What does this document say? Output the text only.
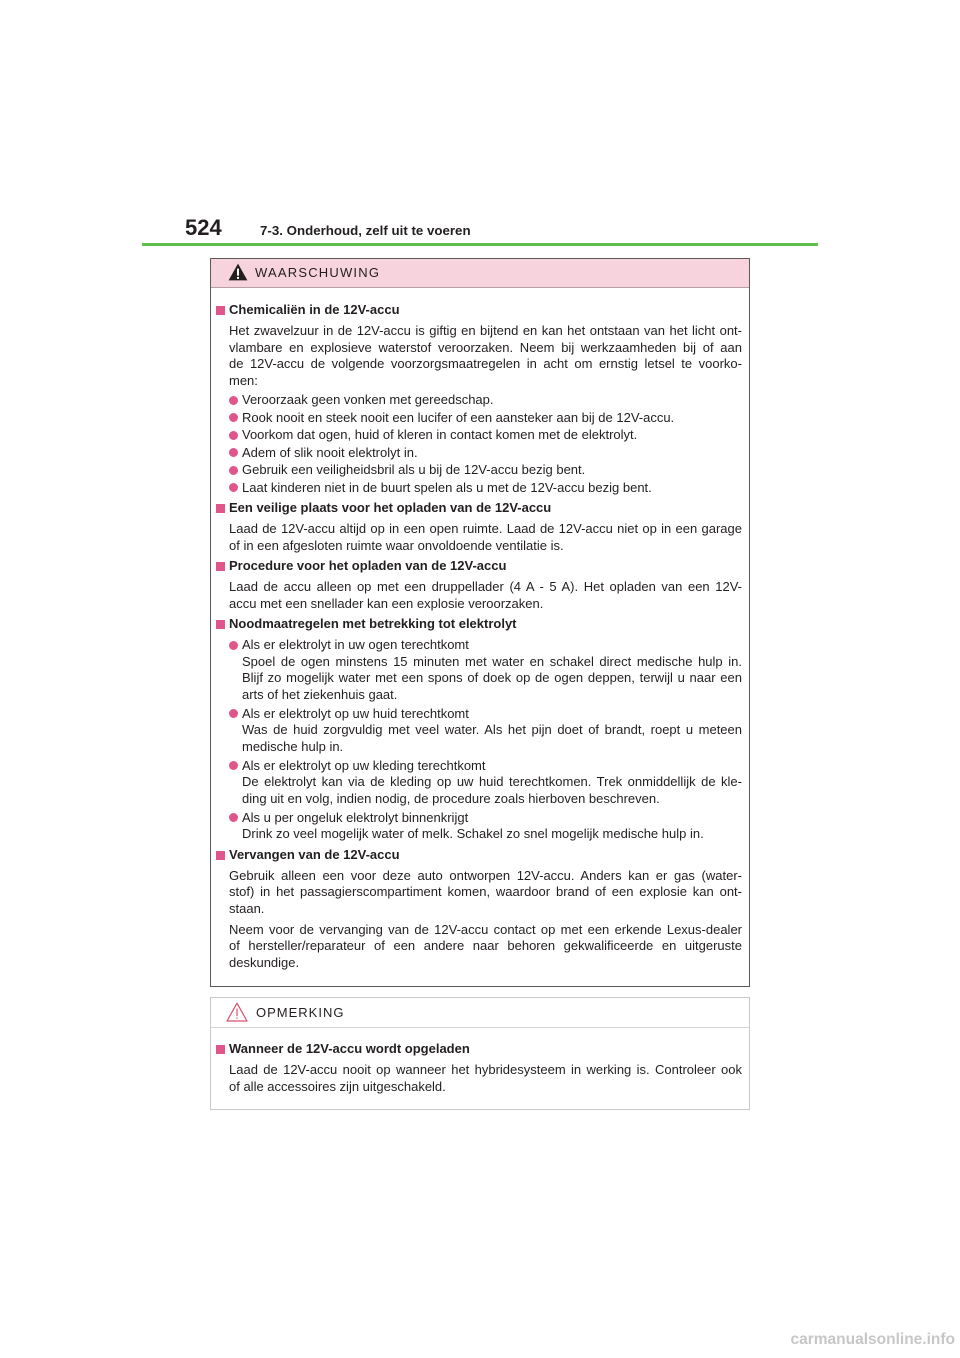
524	7-3. Onderhoud, zelf uit te voeren
WAARSCHUWING
Chemicaliën in de 12V-accu
Het zwavelzuur in de 12V-accu is giftig en bijtend en kan het ontstaan van het licht ont-
vlambare en explosieve waterstof veroorzaken. Neem bij werkzaamheden bij of aan
de 12V-accu de volgende voorzorgsmaatregelen in acht om ernstig letsel te voorko-
men:
Veroorzaak geen vonken met gereedschap.
Rook nooit en steek nooit een lucifer of een aansteker aan bij de 12V-accu.
Voorkom dat ogen, huid of kleren in contact komen met de elektrolyt.
Adem of slik nooit elektrolyt in.
Gebruik een veiligheidsbril als u bij de 12V-accu bezig bent.
Laat kinderen niet in de buurt spelen als u met de 12V-accu bezig bent.
Een veilige plaats voor het opladen van de 12V-accu
Laad de 12V-accu altijd op in een open ruimte. Laad de 12V-accu niet op in een garage
of in een afgesloten ruimte waar onvoldoende ventilatie is.
Procedure voor het opladen van de 12V-accu
Laad de accu alleen op met een druppellader (4 A - 5 A). Het opladen van een 12V-
accu met een snellader kan een explosie veroorzaken.
Noodmaatregelen met betrekking tot elektrolyt
Als er elektrolyt in uw ogen terechtkomt
Spoel de ogen minstens 15 minuten met water en schakel direct medische hulp in.
Blijf zo mogelijk water met een spons of doek op de ogen deppen, terwijl u naar een
arts of het ziekenhuis gaat.
Als er elektrolyt op uw huid terechtkomt
Was de huid zorgvuldig met veel water. Als het pijn doet of brandt, roept u meteen
medische hulp in.
Als er elektrolyt op uw kleding terechtkomt
De elektrolyt kan via de kleding op uw huid terechtkomen. Trek onmiddellijk de kle-
ding uit en volg, indien nodig, de procedure zoals hierboven beschreven.
Als u per ongeluk elektrolyt binnenkrijgt
Drink zo veel mogelijk water of melk. Schakel zo snel mogelijk medische hulp in.
Vervangen van de 12V-accu
Gebruik alleen een voor deze auto ontworpen 12V-accu. Anders kan er gas (water-
stof) in het passagierscompartiment komen, waardoor brand of een explosie kan ont-
staan.
Neem voor de vervanging van de 12V-accu contact op met een erkende Lexus-dealer
of hersteller/reparateur of een andere naar behoren gekwalificeerde en uitgeruste
deskundige.
OPMERKING
Wanneer de 12V-accu wordt opgeladen
Laad de 12V-accu nooit op wanneer het hybridesysteem in werking is. Controleer ook
of alle accessoires zijn uitgeschakeld.
carmanualsonline.info
